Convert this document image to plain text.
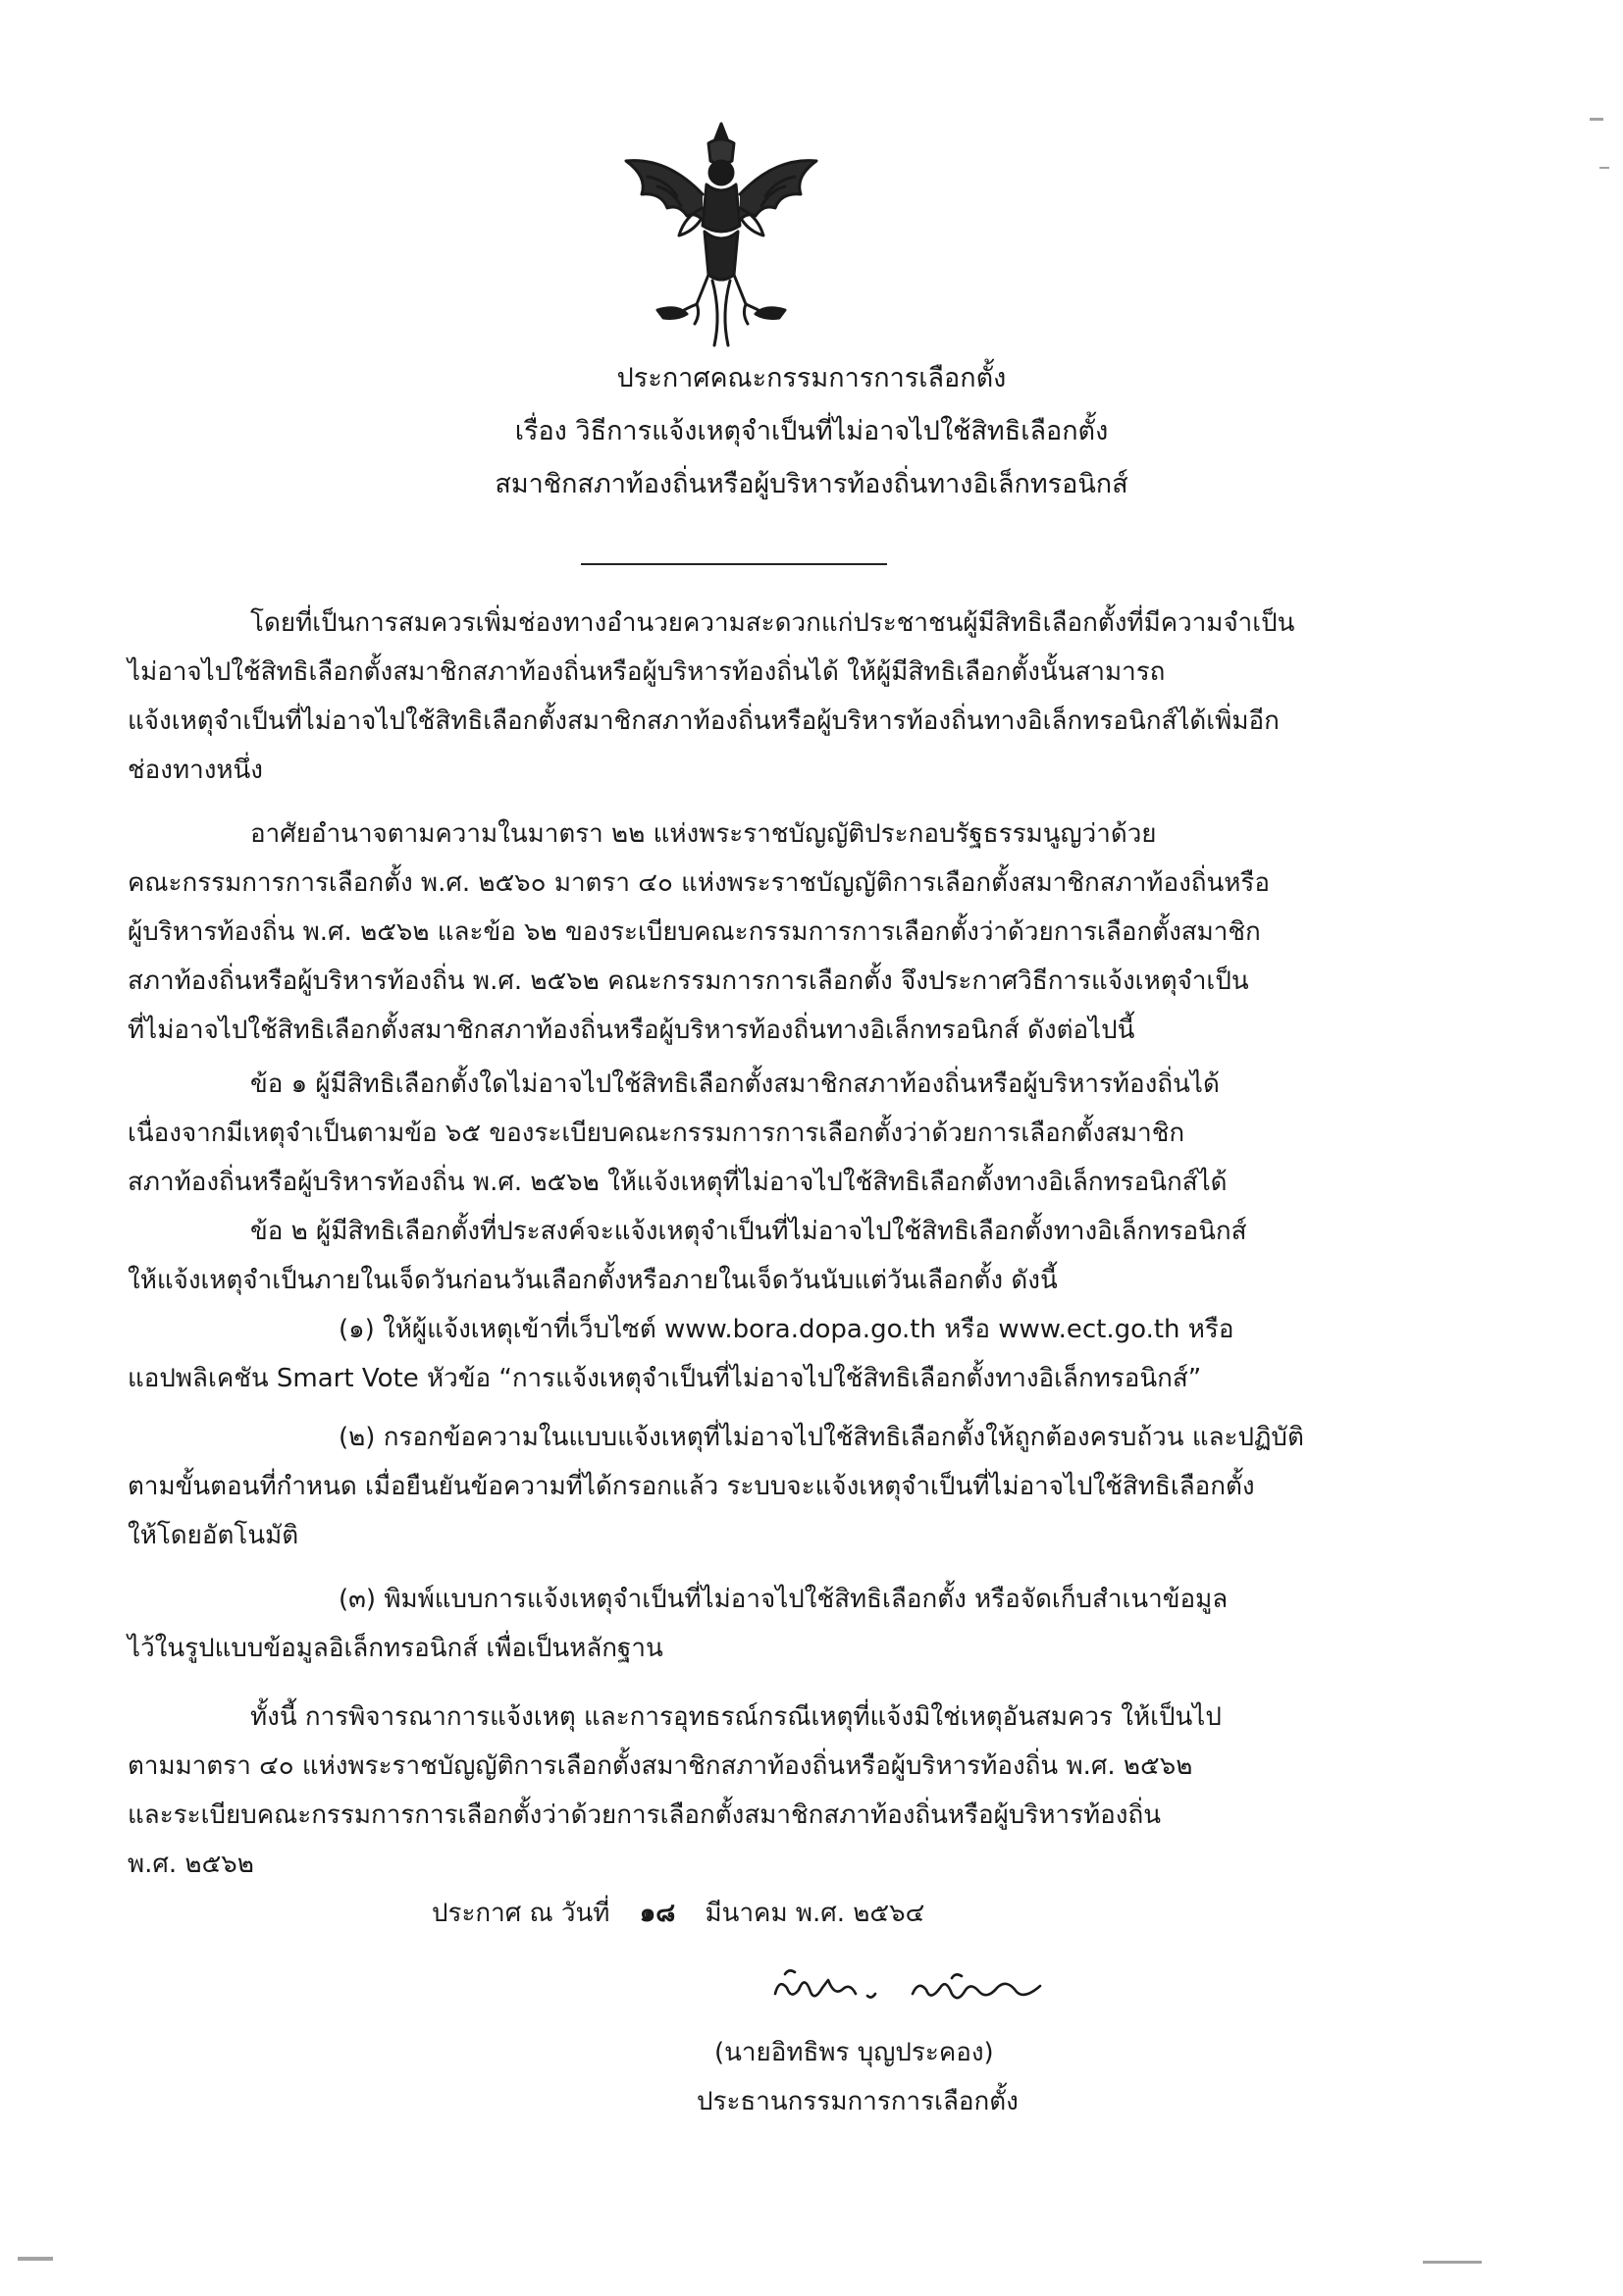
ประกาศคณะกรรมการการเลือกตั้ง
เรื่อง วิธีการแจ้งเหตุจำเป็นที่ไม่อาจไปใช้สิทธิเลือกตั้ง
สมาชิกสภาท้องถิ่นหรือผู้บริหารท้องถิ่นทางอิเล็กทรอนิกส์
โดยที่เป็นการสมควรเพิ่มช่องทางอำนวยความสะดวกแก่ประชาชนผู้มีสิทธิเลือกตั้งที่มีความจำเป็น
ไม่อาจไปใช้สิทธิเลือกตั้งสมาชิกสภาท้องถิ่นหรือผู้บริหารท้องถิ่นได้ ให้ผู้มีสิทธิเลือกตั้งนั้นสามารถ
แจ้งเหตุจำเป็นที่ไม่อาจไปใช้สิทธิเลือกตั้งสมาชิกสภาท้องถิ่นหรือผู้บริหารท้องถิ่นทางอิเล็กทรอนิกส์ได้เพิ่มอีก
ช่องทางหนึ่ง
อาศัยอำนาจตามความในมาตรา ๒๒ แห่งพระราชบัญญัติประกอบรัฐธรรมนูญว่าด้วย
คณะกรรมการการเลือกตั้ง พ.ศ. ๒๕๖๐ มาตรา ๔๐ แห่งพระราชบัญญัติการเลือกตั้งสมาชิกสภาท้องถิ่นหรือ
ผู้บริหารท้องถิ่น พ.ศ. ๒๕๖๒ และข้อ ๖๒ ของระเบียบคณะกรรมการการเลือกตั้งว่าด้วยการเลือกตั้งสมาชิก
สภาท้องถิ่นหรือผู้บริหารท้องถิ่น พ.ศ. ๒๕๖๒ คณะกรรมการการเลือกตั้ง จึงประกาศวิธีการแจ้งเหตุจำเป็น
ที่ไม่อาจไปใช้สิทธิเลือกตั้งสมาชิกสภาท้องถิ่นหรือผู้บริหารท้องถิ่นทางอิเล็กทรอนิกส์ ดังต่อไปนี้
ข้อ ๑ ผู้มีสิทธิเลือกตั้งใดไม่อาจไปใช้สิทธิเลือกตั้งสมาชิกสภาท้องถิ่นหรือผู้บริหารท้องถิ่นได้
เนื่องจากมีเหตุจำเป็นตามข้อ ๖๕ ของระเบียบคณะกรรมการการเลือกตั้งว่าด้วยการเลือกตั้งสมาชิก
สภาท้องถิ่นหรือผู้บริหารท้องถิ่น พ.ศ. ๒๕๖๒ ให้แจ้งเหตุที่ไม่อาจไปใช้สิทธิเลือกตั้งทางอิเล็กทรอนิกส์ได้
ข้อ ๒ ผู้มีสิทธิเลือกตั้งที่ประสงค์จะแจ้งเหตุจำเป็นที่ไม่อาจไปใช้สิทธิเลือกตั้งทางอิเล็กทรอนิกส์
ให้แจ้งเหตุจำเป็นภายในเจ็ดวันก่อนวันเลือกตั้งหรือภายในเจ็ดวันนับแต่วันเลือกตั้ง ดังนี้
(๑) ให้ผู้แจ้งเหตุเข้าที่เว็บไซต์ www.bora.dopa.go.th หรือ www.ect.go.th หรือ
แอปพลิเคชัน Smart Vote หัวข้อ “การแจ้งเหตุจำเป็นที่ไม่อาจไปใช้สิทธิเลือกตั้งทางอิเล็กทรอนิกส์”
(๒) กรอกข้อความในแบบแจ้งเหตุที่ไม่อาจไปใช้สิทธิเลือกตั้งให้ถูกต้องครบถ้วน และปฏิบัติ
ตามขั้นตอนที่กำหนด เมื่อยืนยันข้อความที่ได้กรอกแล้ว ระบบจะแจ้งเหตุจำเป็นที่ไม่อาจไปใช้สิทธิเลือกตั้ง
ให้โดยอัตโนมัติ
(๓) พิมพ์แบบการแจ้งเหตุจำเป็นที่ไม่อาจไปใช้สิทธิเลือกตั้ง หรือจัดเก็บสำเนาข้อมูล
ไว้ในรูปแบบข้อมูลอิเล็กทรอนิกส์ เพื่อเป็นหลักฐาน
ทั้งนี้ การพิจารณาการแจ้งเหตุ และการอุทธรณ์กรณีเหตุที่แจ้งมิใช่เหตุอันสมควร ให้เป็นไป
ตามมาตรา ๔๐ แห่งพระราชบัญญัติการเลือกตั้งสมาชิกสภาท้องถิ่นหรือผู้บริหารท้องถิ่น พ.ศ. ๒๕๖๒
และระเบียบคณะกรรมการการเลือกตั้งว่าด้วยการเลือกตั้งสมาชิกสภาท้องถิ่นหรือผู้บริหารท้องถิ่น
พ.ศ. ๒๕๖๒
ประกาศ ณ วันที่ ๑๘ มีนาคม พ.ศ. ๒๕๖๔
(นายอิทธิพร บุญประคอง)
ประธานกรรมการการเลือกตั้ง
